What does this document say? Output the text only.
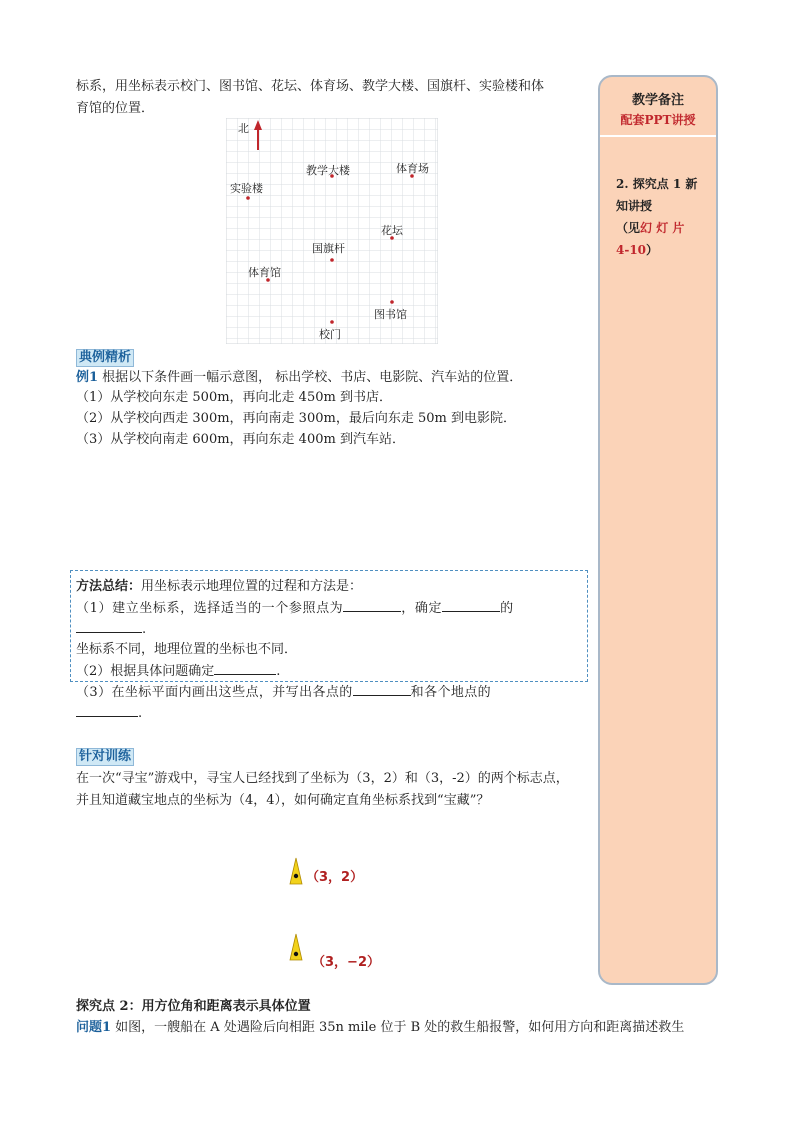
标系，用坐标表示校门、图书馆、花坛、体育场、教学大楼、国旗杆、实验楼和体
育馆的位置．
北
教学大楼	体育场
实验楼
花坛
国旗杆
体育馆
图书馆
校门
典例精析
例1 根据以下条件画一幅示意图， 标出学校、书店、电影院、汽车站的位置．
（1）从学校向东走 500m，再向北走 450m 到书店．
（2）从学校向西走 300m，再向南走 300m，最后向东走 50m 到电影院．
（3）从学校向南走 600m，再向东走 400m 到汽车站．
方法总结：用坐标表示地理位置的过程和方法是：
（1）建立坐标系，选择适当的一个参照点为	，确定	的
.
坐标系不同，地理位置的坐标也不同．
（2）根据具体问题确定	.
（3）在坐标平面内画出这些点，并写出各点的	和各个地点的
.
针对训练
在一次“寻宝”游戏中，寻宝人已经找到了坐标为（3，2）和（3，-2）的两个标志点，
并且知道藏宝地点的坐标为（4，4），如何确定直角坐标系找到“宝藏”？
（3，2）
（3，−2）
探究点 2：用方位角和距离表示具体位置
问题1 如图，一艘船在 A 处遇险后向相距 35n mile 位于 B 处的救生船报警，如何用方向和距离描述救生
教学备注
配套PPT讲授
2. 探究点 1 新
知讲授
（见幻 灯 片
4-10）
